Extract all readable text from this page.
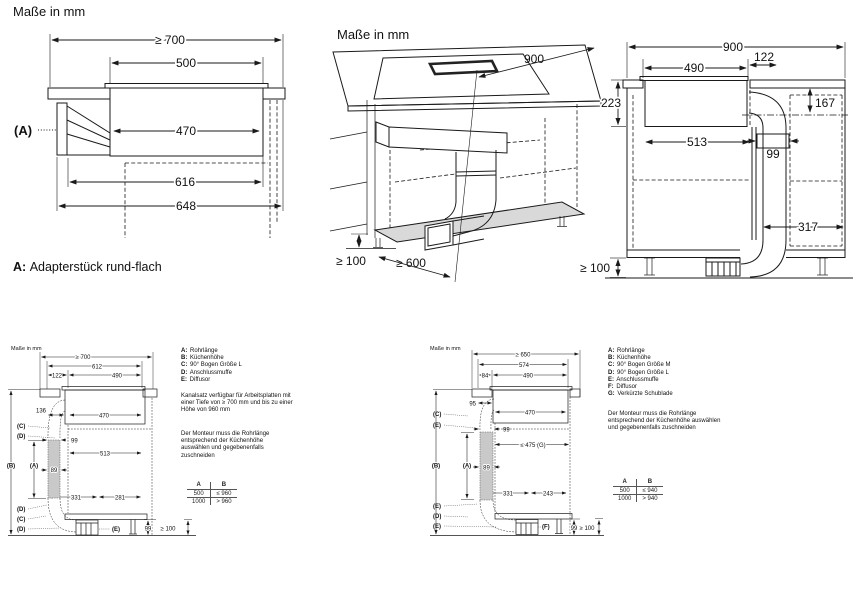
Maße in mm
≥ 700
500
470
616
648
(A)
A: Adapterstück rund-flach
Maße in mm
900
≥ 100	≥ 600
900
490
122
223	167
513
99
317
≥ 100
Maße in mm
≥ 700
612
122	490
136
470
99
513
89
331	281
99 ≥ 100
(C)
(D)
(B) (A)
(D)
(C)
(D)	(E)
A: Rohrlänge
B: Küchenhöhe
C: 90° Bogen Größe L
D: Anschlussmuffe
E: Diffusor
Kanalsatz verfügbar für Arbeitsplatten mit einer Tiefe von ≥ 700 mm und bis zu einer Höhe von 960 mm
Der Monteur muss die Rohrlänge entsprechend der Küchenhöhe auswählen und gegebenenfalls zuschneiden
A	B
500	≤ 960
1000	> 960
Maße in mm
≥ 650
574
84	490
95
470
99
≤ 475 (G)
89
331	243
99 ≥ 100
(C)
(E)
(B)	(A)
(E)
(D)
(E)	(F)
A: Rohrlänge
B: Küchenhöhe
C: 90° Bogen Größe M
D: 90° Bogen Größe L
E: Anschlussmuffe
F: Diffusor
G: Verkürzte Schublade
Der Monteur muss die Rohrlänge entsprechend der Küchenhöhe auswählen und gegebenenfalls zuschneiden
A	B
500	≤ 940
1000	> 940
